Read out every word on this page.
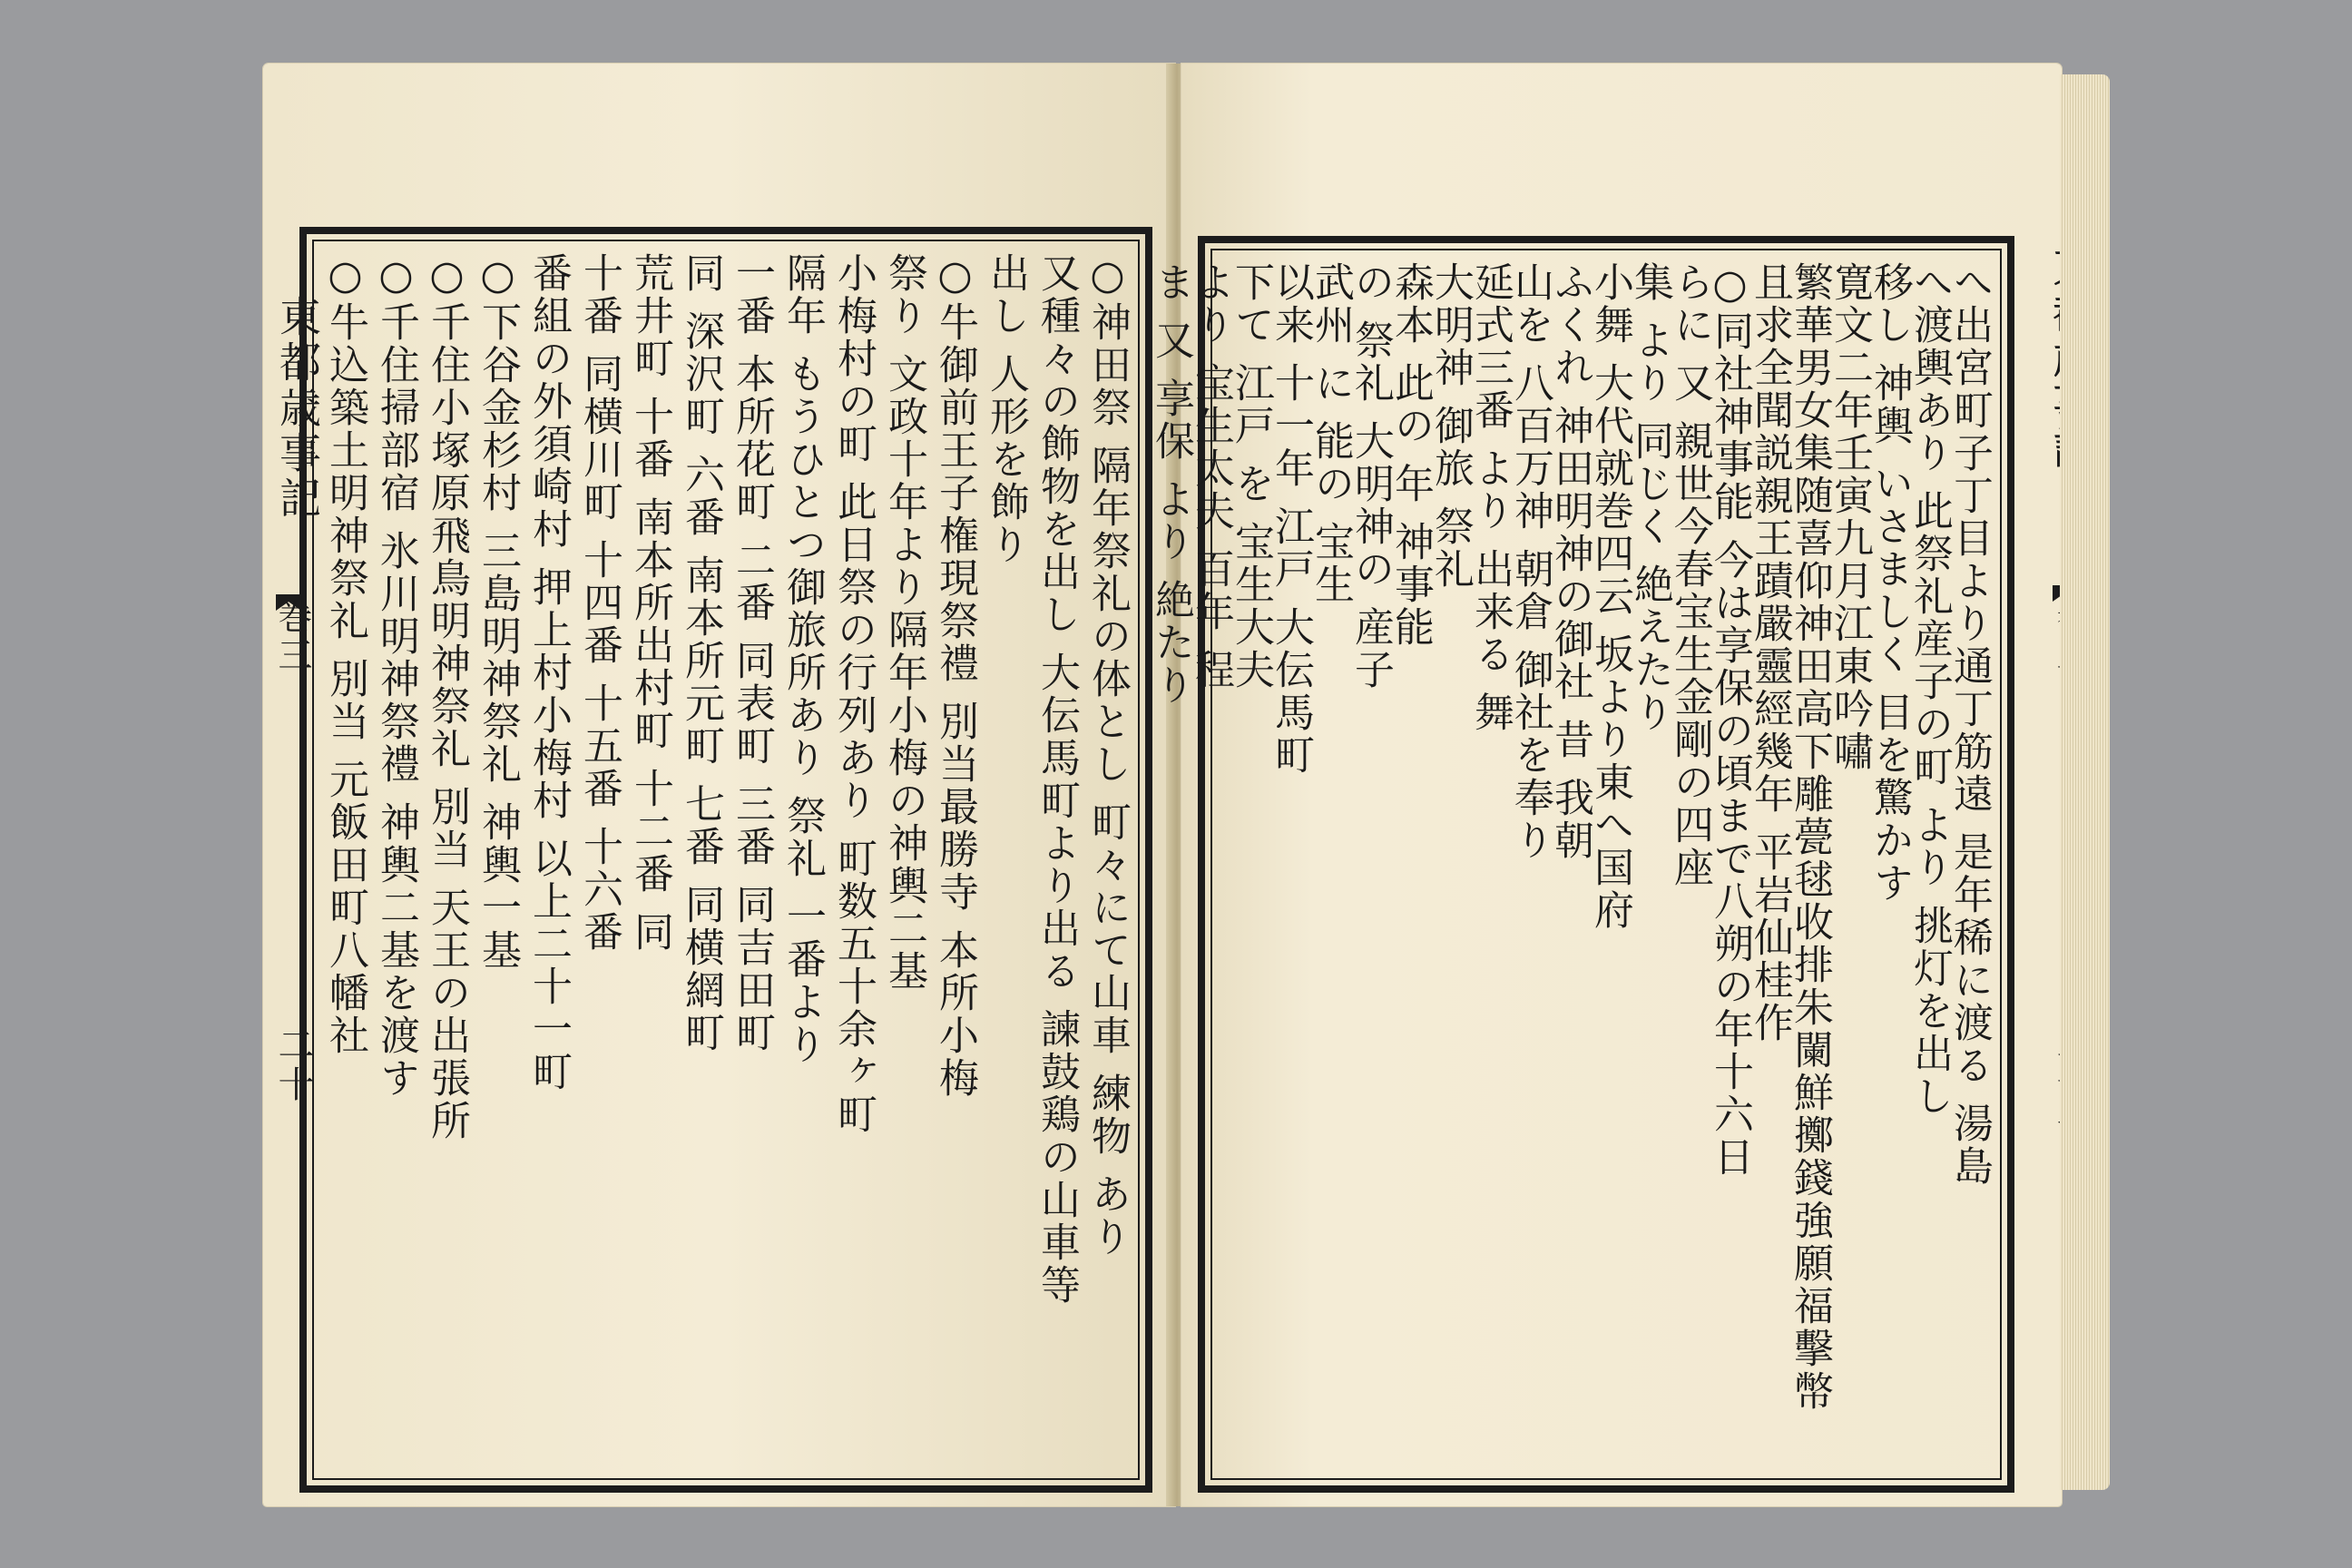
東都歳事記
巻三
二十	○神田祭 隔年祭礼の体とし 町々にて山車 練物 あり
又種々の飾物を出し 大伝馬町より出る 諫鼓鶏の山車等
出し 人形を飾り
○牛御前王子権現祭禮 別当最勝寺 本所小梅
祭り 文政十年より隔年小梅の神輿二基
小梅村の町 此日祭の行列あり 町数五十余ヶ町
隔年 もうひとつ御旅所あり 祭礼 一番より
一番 本所花町 二番 同表町 三番 同吉田町
同 深沢町 六番 南本所元町 七番 同横網町
荒井町 十番 南本所出村町 十二番 同
十番 同横川町 十四番 十五番 十六番
番組の外須崎村 押上村小梅村 以上二十一町
○下谷金杉村 三島明神祭礼 神輿一基
○千住小塚原飛鳥明神祭礼 別当 天王の出張所
○千住掃部宿 氷川明神祭禮 神輿二基を渡す
○牛込築土明神祭礼 別当 元飯田町八幡社	へ出宮町子丁目より通丁筋遠 是年稀に渡る 湯島
へ渡輿あり 此祭礼産子の町 より 挑灯を出し
移し 神輿 いさましく 目を驚かす
寛文二年壬寅九月江東吟嘯
繁華男女集随喜仰神田高下雕甍毬收排朱闌鮮擲錢強願福擊幣
且求全聞説親王蹟嚴靈經幾年 平岩仙桂作
○同社神事能 今は享保の頃まで八朔の年十六日
らに 又 親世今春宝生金剛の四座
集 より 同じく 絶えたり
小舞 大代就巻四云 坂より東へ国府
ふくれ 神田明神の御社 昔 我朝
山を 八百万神 朝倉 御社を奉り
延式三番 より 出来る 舞
大明神 御旅 祭礼
森本 此の 年 神事能
の 祭礼 大明神の 産子
武州 に 能の 宝生
以来 十一年 江戸 大伝馬町
下て 江戸 を 宝生大夫
より 宝生太夫 百年 程
ま 又 享保 より 絶たり
